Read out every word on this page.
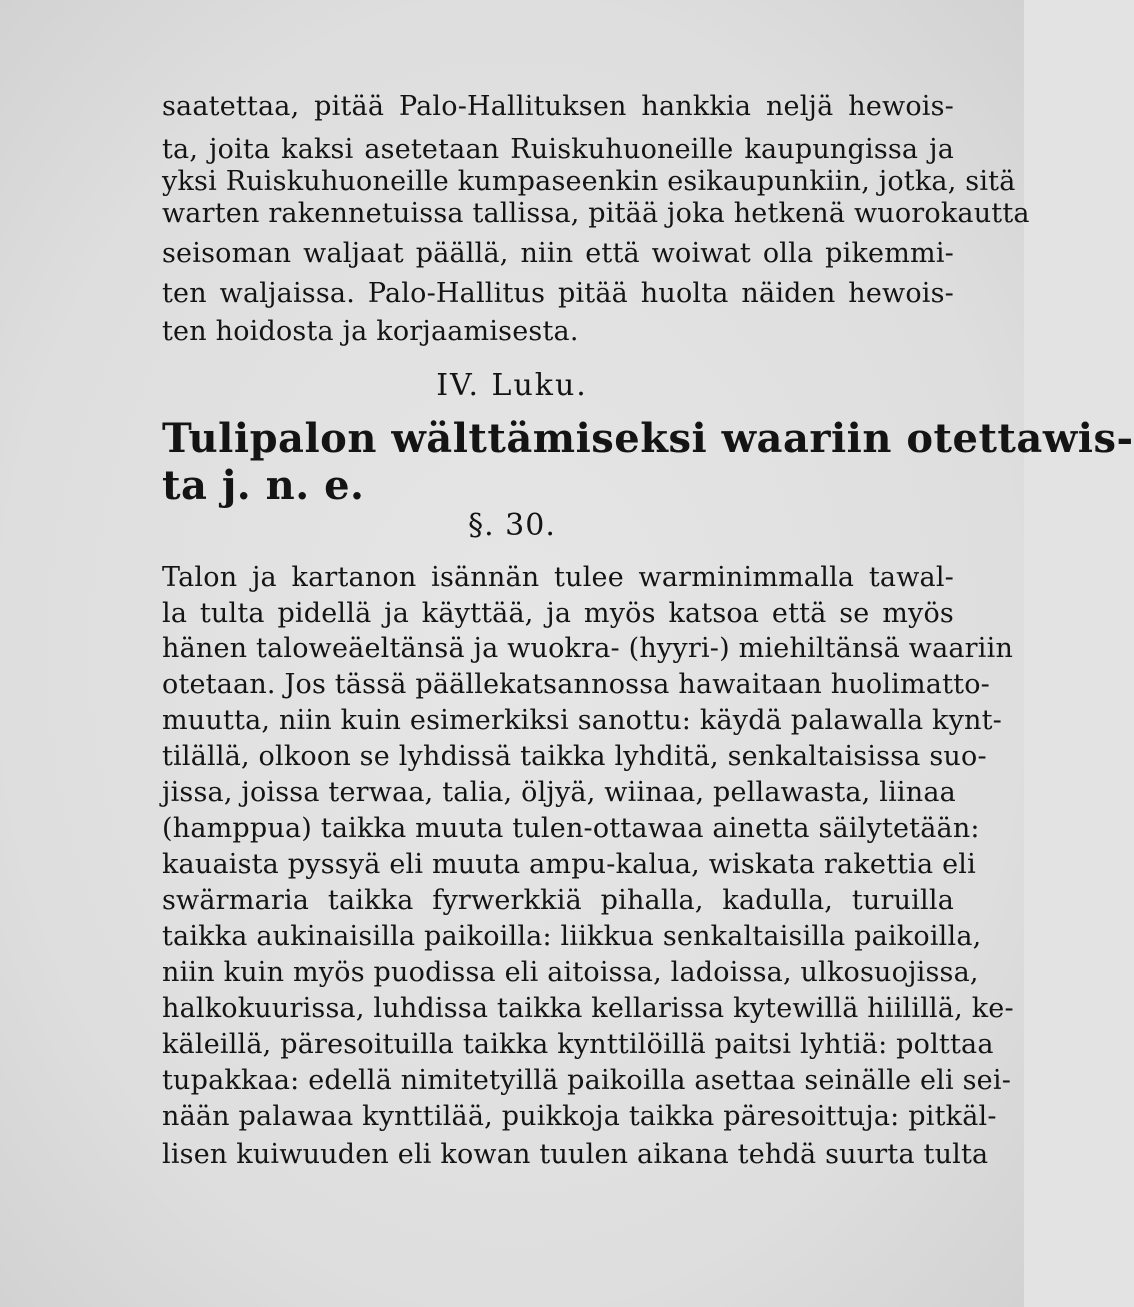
saatettaa, pitää Palo-Hallituksen hankkia neljä hewois-
ta, joita kaksi asetetaan Ruiskuhuoneille kaupungissa ja
yksi Ruiskuhuoneille kumpaseenkin esikaupunkiin, jotka, sitä
warten rakennetuissa tallissa, pitää joka hetkenä wuorokautta
seisoman waljaat päällä, niin että woiwat olla pikemmi-
ten waljaissa. Palo-Hallitus pitää huolta näiden hewois-
ten hoidosta ja korjaamisesta.
IV. Luku.
Tulipalon wälttämiseksi waariin otettawis-
ta j. n. e.
§. 30.
Talon ja kartanon isännän tulee warminimmalla tawal-
la tulta pidellä ja käyttää, ja myös katsoa että se myös
hänen taloweäeltänsä ja wuokra- (hyyri-) miehiltänsä waariin
otetaan. Jos tässä päällekatsannossa hawaitaan huolimatto-
muutta, niin kuin esimerkiksi sanottu: käydä palawalla kynt-
tilällä, olkoon se lyhdissä taikka lyhditä, senkaltaisissa suo-
jissa, joissa terwaa, talia, öljyä, wiinaa, pellawasta, liinaa
(hamppua) taikka muuta tulen-ottawaa ainetta säilytetään:
kauaista pyssyä eli muuta ampu-kalua, wiskata rakettia eli
swärmaria taikka fyrwerkkiä pihalla, kadulla, turuilla
taikka aukinaisilla paikoilla: liikkua senkaltaisilla paikoilla,
niin kuin myös puodissa eli aitoissa, ladoissa, ulkosuojissa,
halkokuurissa, luhdissa taikka kellarissa kytewillä hiilillä, ke-
käleillä, päresoituilla taikka kynttilöillä paitsi lyhtiä: polttaa
tupakkaa: edellä nimitetyillä paikoilla asettaa seinälle eli sei-
nään palawaa kynttilää, puikkoja taikka päresoittuja: pitkäl-
lisen kuiwuuden eli kowan tuulen aikana tehdä suurta tulta
